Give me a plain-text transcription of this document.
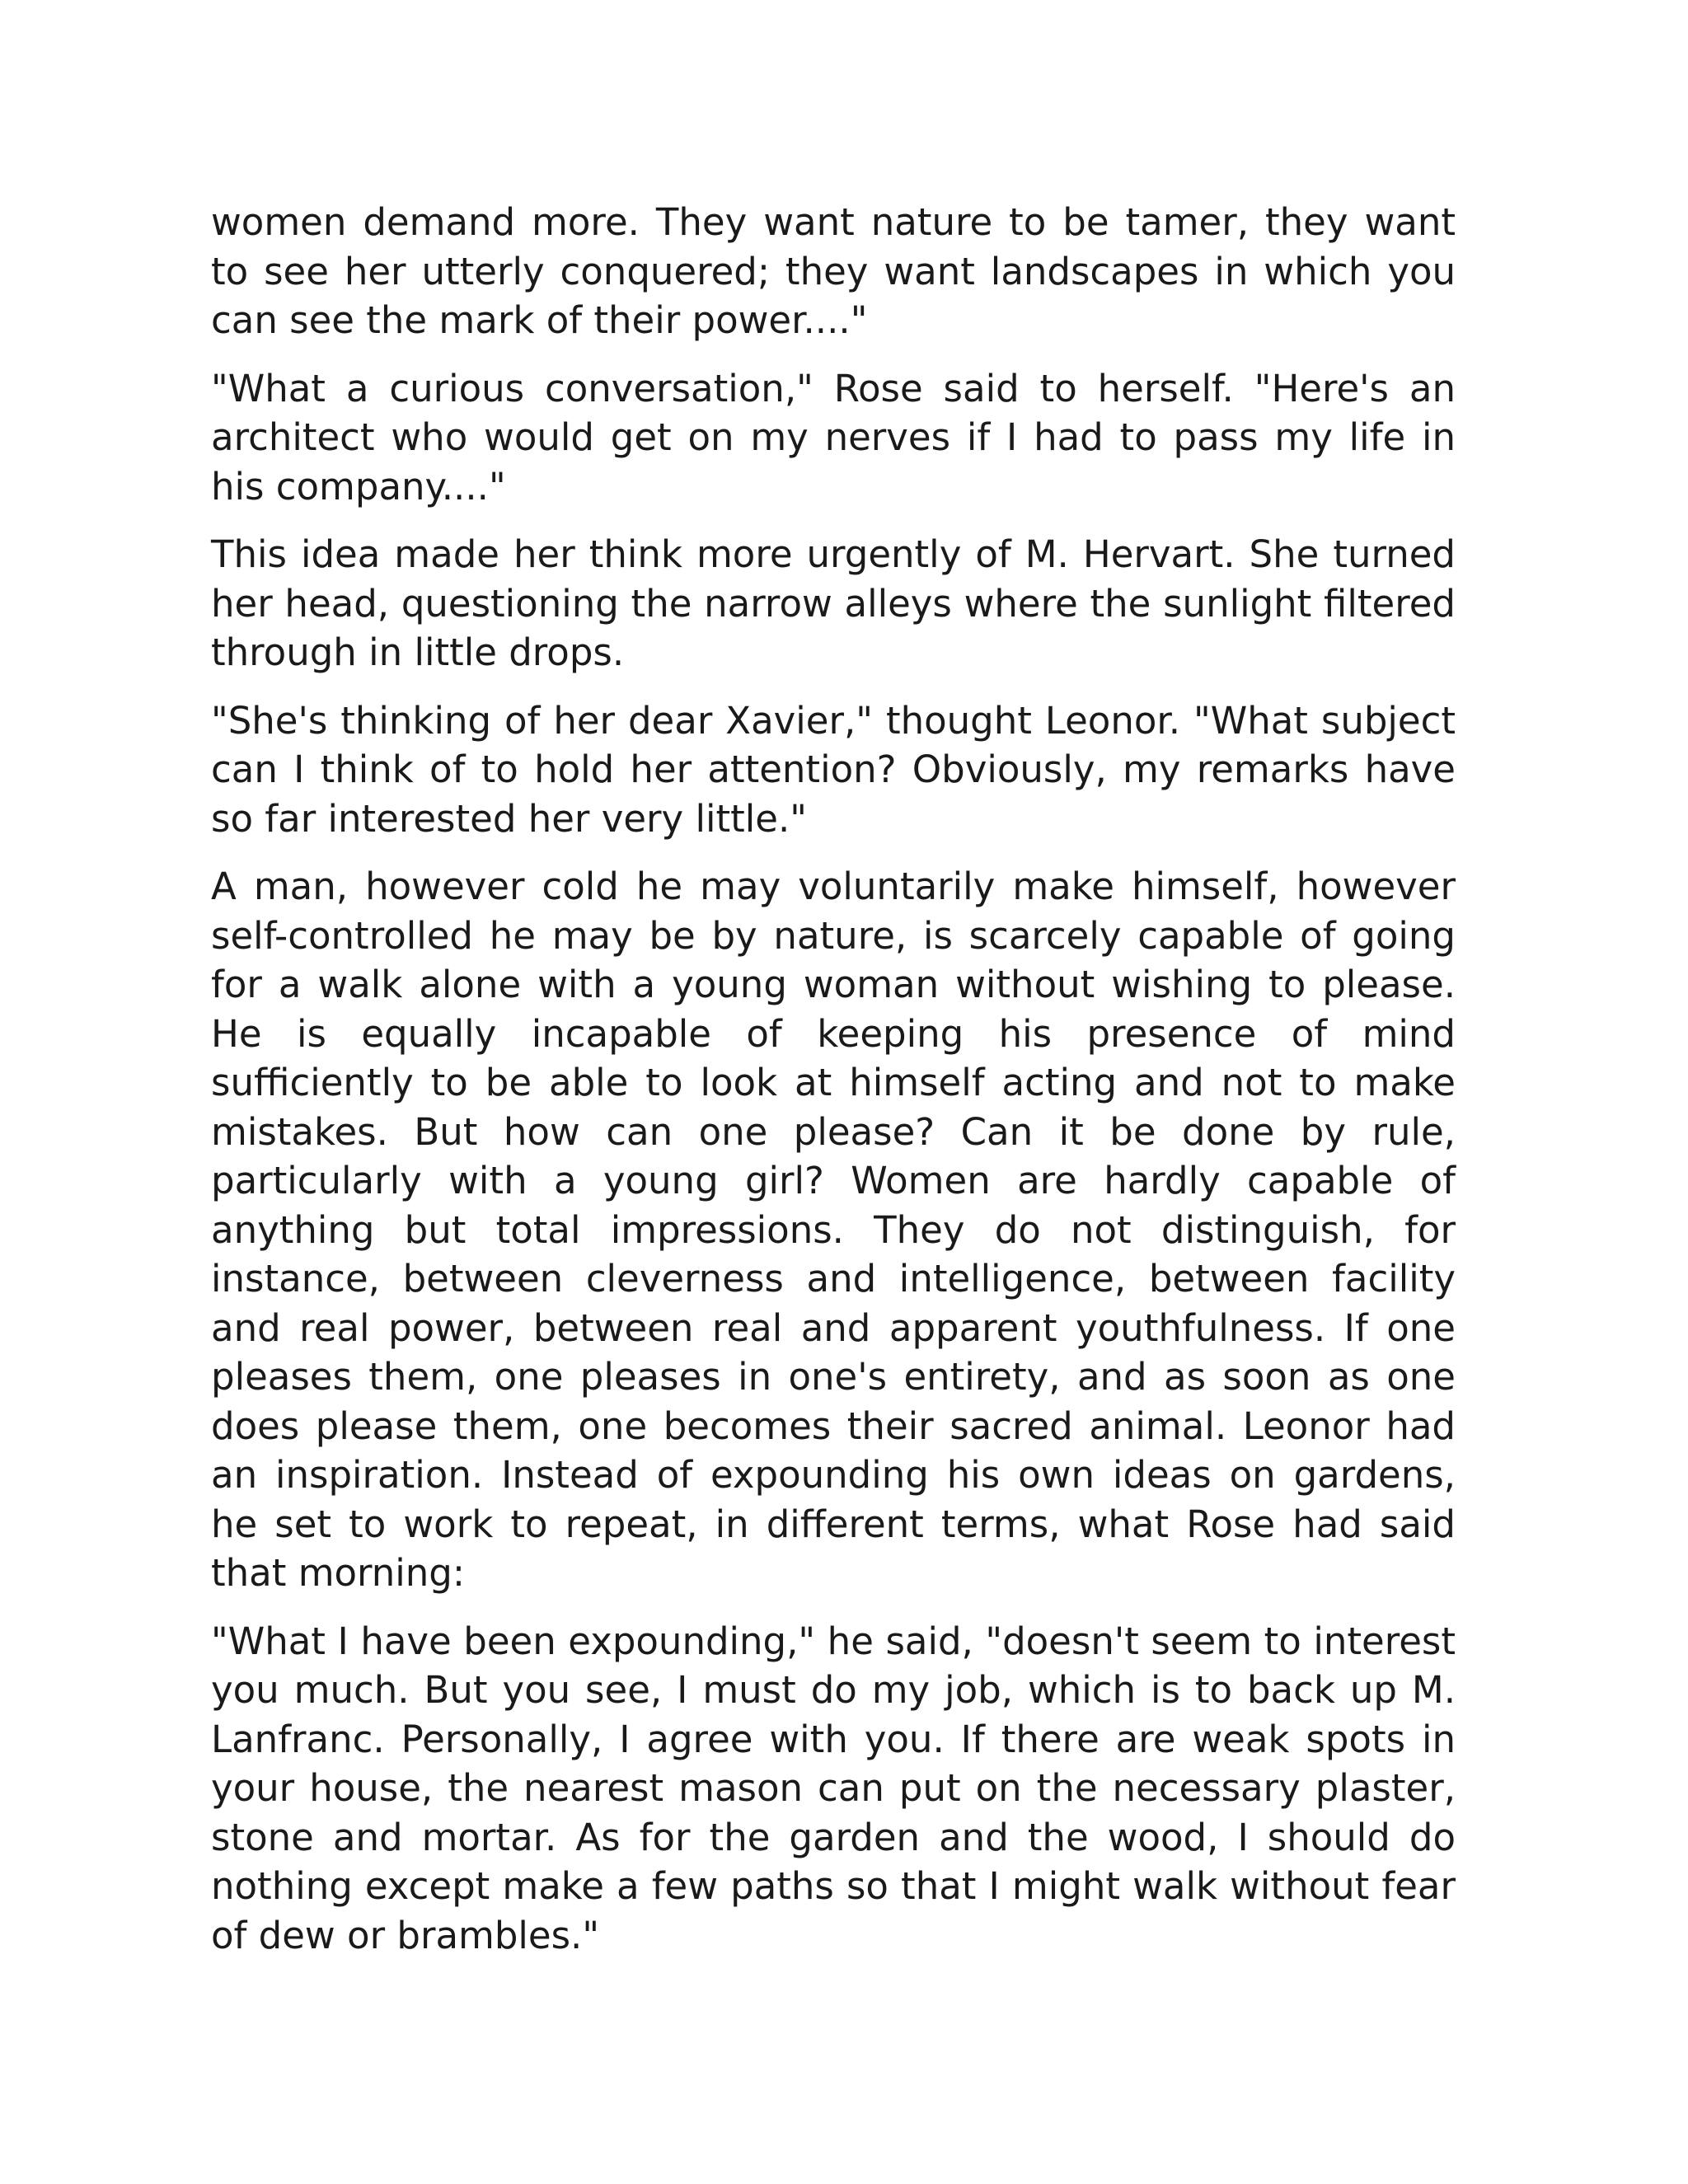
women demand more. They want nature to be tamer, they want to see her utterly conquered; they want landscapes in which you can see the mark of their power...."

"What a curious conversation," Rose said to herself. "Here's an architect who would get on my nerves if I had to pass my life in his company...."

This idea made her think more urgently of M. Hervart. She turned her head, questioning the narrow alleys where the sunlight filtered through in little drops.

"She's thinking of her dear Xavier," thought Leonor. "What subject can I think of to hold her attention? Obviously, my remarks have so far interested her very little."

A man, however cold he may voluntarily make himself, however self-controlled he may be by nature, is scarcely capable of going for a walk alone with a young woman without wishing to please. He is equally incapable of keeping his presence of mind sufficiently to be able to look at himself acting and not to make mistakes. But how can one please? Can it be done by rule, particularly with a young girl? Women are hardly capable of anything but total impressions. They do not distinguish, for instance, between cleverness and intelligence, between facility and real power, between real and apparent youthfulness. If one pleases them, one pleases in one's entirety, and as soon as one does please them, one becomes their sacred animal. Leonor had an inspiration. Instead of expounding his own ideas on gardens, he set to work to repeat, in different terms, what Rose had said that morning:

"What I have been expounding," he said, "doesn't seem to interest you much. But you see, I must do my job, which is to back up M. Lanfranc. Personally, I agree with you. If there are weak spots in your house, the nearest mason can put on the necessary plaster, stone and mortar. As for the garden and the wood, I should do nothing except make a few paths so that I might walk without fear of dew or brambles."
